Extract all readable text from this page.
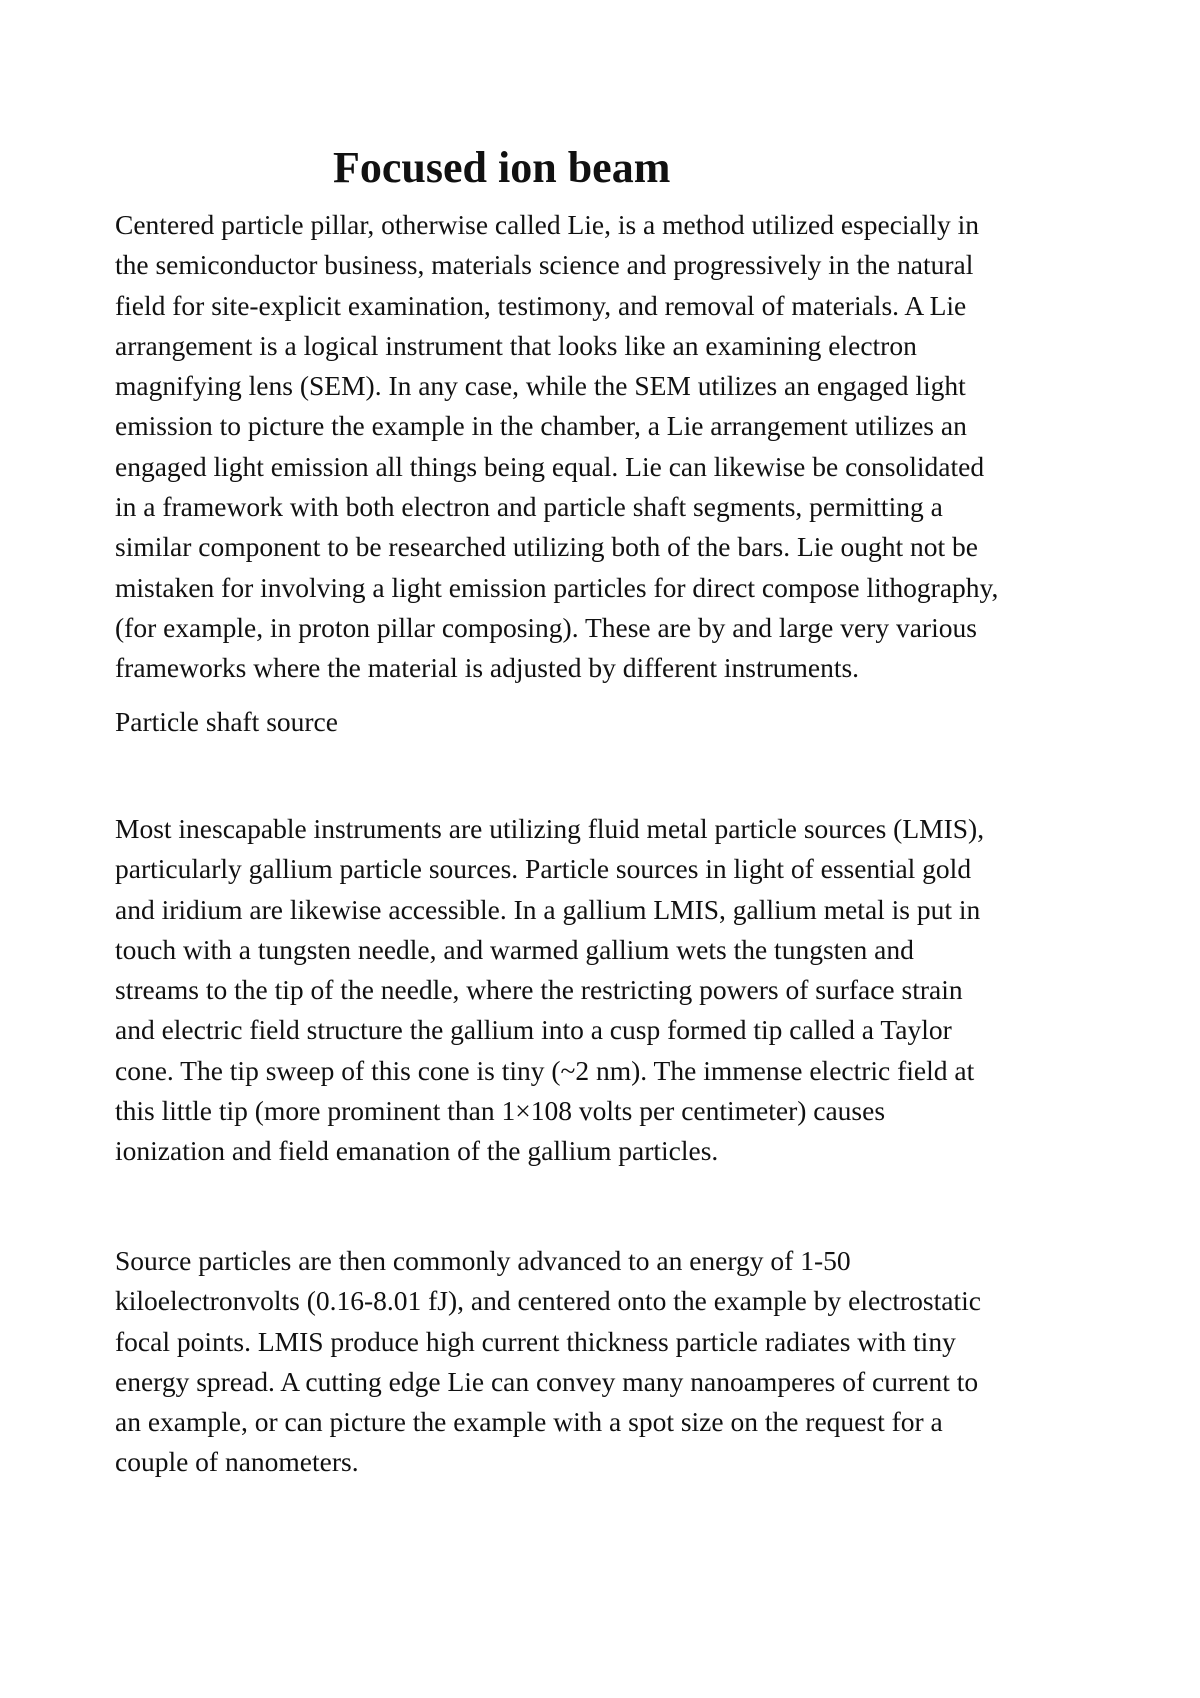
Focused ion beam

Centered particle pillar, otherwise called Lie, is a method utilized especially in
the semiconductor business, materials science and progressively in the natural
field for site-explicit examination, testimony, and removal of materials. A Lie
arrangement is a logical instrument that looks like an examining electron
magnifying lens (SEM). In any case, while the SEM utilizes an engaged light
emission to picture the example in the chamber, a Lie arrangement utilizes an
engaged light emission all things being equal. Lie can likewise be consolidated
in a framework with both electron and particle shaft segments, permitting a
similar component to be researched utilizing both of the bars. Lie ought not be
mistaken for involving a light emission particles for direct compose lithography,
(for example, in proton pillar composing). These are by and large very various
frameworks where the material is adjusted by different instruments.

Particle shaft source

Most inescapable instruments are utilizing fluid metal particle sources (LMIS),
particularly gallium particle sources. Particle sources in light of essential gold
and iridium are likewise accessible. In a gallium LMIS, gallium metal is put in
touch with a tungsten needle, and warmed gallium wets the tungsten and
streams to the tip of the needle, where the restricting powers of surface strain
and electric field structure the gallium into a cusp formed tip called a Taylor
cone. The tip sweep of this cone is tiny (~2 nm). The immense electric field at
this little tip (more prominent than 1×108 volts per centimeter) causes
ionization and field emanation of the gallium particles.

Source particles are then commonly advanced to an energy of 1-50
kiloelectronvolts (0.16-8.01 fJ), and centered onto the example by electrostatic
focal points. LMIS produce high current thickness particle radiates with tiny
energy spread. A cutting edge Lie can convey many nanoamperes of current to
an example, or can picture the example with a spot size on the request for a
couple of nanometers.
